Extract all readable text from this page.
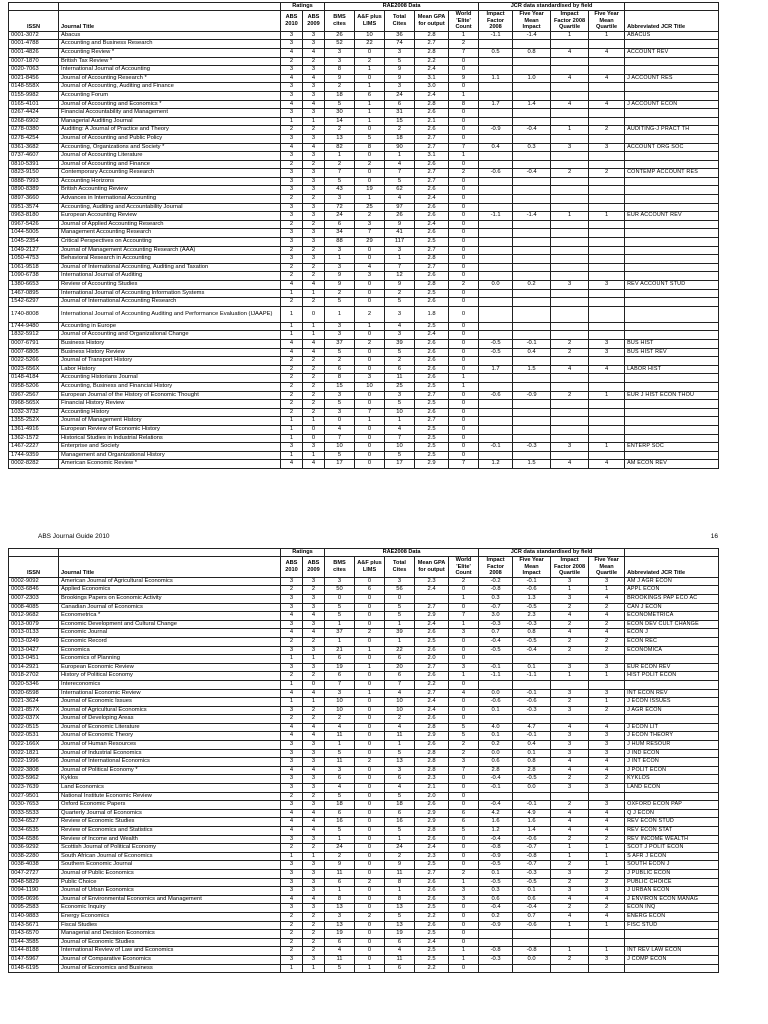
		Ratings		RAE2008 Data					JCR data standardised by field				
ISSN	Journal Title	ABS 2010	ABS 2009	BMS cites	A&F plus LIMS	Total Cites	Mean GPA for output	World 'Elite' Count	Impact Factor 2008	Five Year Mean Impact	Impact Factor 2008 Quartile	Five Year Mean Quartile	Abbreviated JCR Title
0001-3072	Abacus	3	3	26	10	36	2.8	1	-1.1	-1.4	1	1	ABACUS
0001-4788	Accounting and Business Research	3	3	52	22	74	2.7	2					
0001-4826	Accounting Review *	4	4	3	0	3	2.8	7	0.5	0.8	4	4	ACCOUNT REV
0007-1870	British Tax Review *	2	2	3	2	5	2.2	0					
0020-7063	International Journal of Accounting	3	3	8	1	9	2.4	0					
0021-8456	Journal of Accounting Research *	4	4	9	0	9	3.1	9	1.1	1.0	4	4	J ACCOUNT RES
0148-558X	Journal of Accounting, Auditing and Finance	3	3	2	1	3	3.0	0					
0155-9982	Accounting Forum	3	3	18	6	24	2.4	1					
0165-4101	Journal of Accounting and Economics *	4	4	5	1	6	2.8	8	1.7	1.4	4	4	J ACCOUNT ECON
0267-4424	Financial Accountability and Management	3	3	30	1	31	2.6	0					
0268-6902	Managerial Auditing Journal	1	1	14	1	15	2.1	0					
0278-0380	Auditing: A Journal of Practice and Theory	2	2	2	0	2	2.6	0	-0.9	-0.4	1	2	AUDITING-J PRACT TH
0278-4254	Journal of Accounting and Public Policy	3	3	13	5	18	2.7	0					
0361-3682	Accounting, Organizations and Society *	4	4	82	8	90	2.7	7	0.4	0.3	3	3	ACCOUNT ORG SOC
0737-4607	Journal of Accounting Literature	3	3	1	0	1	3.1	1					
0810-5391	Journal of Accounting and Finance	2	2	2	2	4	2.6	0					
0823-9150	Contemporary Accounting Research	3	3	7	0	7	2.7	2	-0.6	-0.4	2	2	CONTEMP ACCOUNT RES
0888-7993	Accounting Horizons	3	3	5	0	5	2.7	0					
0890-8389	British Accounting Review	3	3	43	19	62	2.6	0					
0897-3660	Advances in International Accounting	2	2	3	1	4	2.4	0					
0951-3574	Accounting, Auditing and Accountability Journal	3	3	72	25	97	2.6	0					
0963-8180	European Accounting Review	3	3	24	2	26	2.6	0	-1.1	-1.4	1	1	EUR ACCOUNT REV
0967-5426	Journal of Applied Accounting Research	2	2	6	3	9	2.4	0					
1044-5005	Management Accounting Research	3	3	34	7	41	2.6	0					
1045-2354	Critical Perspectives on Accounting	3	3	88	29	117	2.5	0					
1049-2127	Journal of Management Accounting Research (AAA)	2	2	3	0	3	2.7	0					
1050-4753	Behavioral Research in Accounting	3	3	1	0	1	2.8	0					
1061-9518	Journal of International Accounting, Auditing and Taxation	2	2	3	4	7	2.7	0					
1090-6738	International Journal of Auditing	2	2	9	3	12	2.6	0					
1380-6653	Review of Accounting Studies	4	4	9	0	9	2.8	2	0.0	0.2	3	3	REV ACCOUNT STUD
1467-0895	International Journal of Accounting Information Systems	1	1	2	0	2	2.5	0					
1542-6297	Journal of International Accounting Research	2	2	5	0	5	2.6	0					
1740-8008	International Journal of Accounting Auditing and Performance Evaluation (IJAAPE)	1	0	1	2	3	1.8	0					
1744-9480	Accounting in Europe	1	1	3	1	4	2.5	0					
1832-5912	Journal of Accounting and Organizational Change	1	1	3	0	3	2.4	0					
0007-6791	Business History	4	4	37	2	39	2.6	0	-0.5	-0.1	2	3	BUS HIST
0007-6805	Business History Review	4	4	5	0	5	2.6	0	-0.5	0.4	2	3	BUS HIST REV
0022-5266	Journal of Transport History	2	2	2	0	2	2.6	0					
0023-656X	Labor History	2	2	6	0	6	2.6	0	1.7	1.5	4	4	LABOR HIST
0148-4184	Accounting Historians Journal	2	2	8	3	11	2.6	1					
0958-5206	Accounting, Business and Financial History	2	2	15	10	25	2.5	1					
0967-2567	European Journal of the History of Economic Thought	2	2	3	0	3	2.7	0	-0.6	-0.9	2	1	EUR J HIST ECON THOU
0968-565X	Financial History Review	2	2	5	0	5	2.5	0					
1032-3732	Accounting History	2	2	3	7	10	2.6	0					
1355-252X	Journal of Management History	1	1	0	1	1	2.7	0					
1361-4916	European Review of Economic History	1	0	4	0	4	2.5	0					
1362-1572	Historical Studies in Industrial Relations	1	0	7	0	7	2.5	0					
1467-2227	Enterprise and Society	3	3	10	0	10	2.5	0	-0.1	-0.3	3	1	ENTERP SOC
1744-9359	Management and Organizational History	1	1	5	0	5	2.5	0					
0002-8282	American Economic Review *	4	4	17	0	17	2.9	7	1.2	1.5	4	4	AM ECON REV
ABS Journal Guide 2010	16
		Ratings		RAE2008 Data					JCR data standardised by field				
ISSN	Journal Title	ABS 2010	ABS 2009	BMS cites	A&F plus LIMS	Total Cites	Mean GPA for output	World 'Elite' Count	Impact Factor 2008	Five Year Mean Impact	Impact Factor 2008 Quartile	Five Year Mean Quartile	Abbreviated JCR Title
0002-9092	American Journal of Agricultural Economics	3	3	3	0	3	2.3	2	-0.2	-0.1	3	3	AM J AGR ECON
0003-6846	Applied Economics	2	2	50	6	56	2.4	0	-0.8	-0.6	1	1	APPL ECON
0007-2303	Brookings Papers on Economic Activity	3	3	0	0	0		1	0.3	1.3	3	4	BROOKINGS PAP ECO AC
0008-4085	Canadian Journal of Economics	3	3	5	0	5	2.7	0	-0.7	-0.5	2	2	CAN J ECON
0012-9682	Econometrica *	4	4	5	0	5	2.9	7	3.0	2.3	4	4	ECONOMETRICA
0013-0079	Economic Development and Cultural Change	3	3	1	0	1	2.4	1	-0.3	-0.3	2	2	ECON DEV CULT CHANGE
0013-0133	Economic Journal	4	4	37	2	39	2.6	3	0.7	0.8	4	4	ECON J
0013-0249	Economic Record	2	2	1	0	1	2.5	0	-0.4	-0.5	2	2	ECON REC
0013-0427	Economica	3	3	21	1	22	2.6	0	-0.5	-0.4	2	2	ECONOMICA
0013-0451	Economics of Planning	1	1	6	0	6	2.0	0					
0014-2921	European Economic Review	3	3	19	1	20	2.7	3	-0.1	0.1	3	3	EUR ECON REV
0018-2702	History of Political Economy	2	2	6	0	6	2.6	1	-1.1	-1.1	1	1	HIST POLIT ECON
0020-5346	Intereconomics	1	0	7	0	7	2.2	0					
0020-6598	International Economic Review	4	4	3	1	4	2.7	4	0.0	-0.1	3	3	INT ECON REV
0021-3624	Journal of Economic Issues	1	1	10	0	10	2.4	0	-0.6	-0.6	2	1	J ECON ISSUES
0021-857X	Journal of Agricultural Economics	3	2	10	0	10	2.4	0	0.1	-0.3	3	2	J AGR ECON
0022-037X	Journal of Developing Areas	2	2	2	0	2	2.6	0					
0022-0515	Journal of Economic Literature	4	4	4	0	4	2.8	5	4.0	4.7	4	4	J ECON LIT
0022-0531	Journal of Economic Theory	4	4	11	0	11	2.9	5	0.1	-0.1	3	3	J ECON THEORY
0022-166X	Journal of Human Resources	3	3	1	0	1	2.6	2	0.2	0.4	3	3	J HUM RESOUR
0022-1821	Journal of Industrial Economics	3	3	5	0	5	2.8	2	0.0	0.1	3	3	J IND ECON
0022-1996	Journal of International Economics	3	3	11	2	13	2.8	3	0.6	0.8	4	4	J INT ECON
0022-3808	Journal of Political Economy *	4	4	3	0	3	2.8	7	2.8	2.8	4	4	J POLIT ECON
0023-5962	Kyklos	3	3	6	0	6	2.3	0	-0.4	-0.5	2	2	KYKLOS
0023-7639	Land Economics	3	3	4	0	4	2.1	0	-0.1	0.0	3	3	LAND ECON
0027-9501	National Institute Economic Review	2	2	5	0	5	2.0	0					
0030-7653	Oxford Economic Papers	3	3	18	0	18	2.6	0	-0.4	-0.1	2	3	OXFORD ECON PAP
0033-5533	Quarterly Journal of Economics	4	4	6	0	6	2.9	6	4.2	4.9	4	4	Q J ECON
0034-6527	Review of Economic Studies	4	4	16	0	16	2.9	6	1.6	1.6	4	4	REV ECON STUD
0034-6535	Review of Economics and Statistics	4	4	5	0	5	2.8	5	1.2	1.4	4	4	REV ECON STAT
0034-6586	Review of Income and Wealth	3	3	1	0	1	2.6	0	-0.4	-0.6	2	2	REV INCOME WEALTH
0036-9292	Scottish Journal of Political Economy	2	2	24	0	24	2.4	0	-0.8	-0.7	1	1	SCOT J POLIT ECON
0038-2280	South African Journal of Economics	1	1	2	0	2	2.3	0	-0.9	-0.8	1	1	S AFR J ECON
0038-4038	Southern Economic Journal	3	3	9	0	9	2.5	0	-0.5	-0.7	2	1	SOUTH ECON J
0047-2727	Journal of Public Economics	3	3	11	0	11	2.7	2	0.1	-0.3	3	2	J PUBLIC ECON
0048-5829	Public Choice	3	3	6	2	8	2.6	1	-0.5	-0.5	2	2	PUBLIC CHOICE
0094-1190	Journal of Urban Economics	3	3	1	0	1	2.6	3	0.3	0.1	3	3	J URBAN ECON
0095-0696	Journal of Environmental Economics and Management	4	4	8	0	8	2.6	3	0.6	0.6	4	4	J ENVIRON ECON MANAG
0095-2583	Economic Inquiry	3	3	13	0	13	2.5	0	-0.4	-0.4	2	2	ECON INQ
0140-9883	Energy Economics	2	2	3	2	5	2.2	0	0.2	0.7	4	4	ENERG ECON
0143-5671	Fiscal Studies	2	2	13	0	13	2.6	0	-0.9	-0.6	1	1	FISC STUD
0143-6570	Managerial and Decision Economics	2	2	19	0	19	2.5	0					
0144-3585	Journal of Economic Studies	2	2	6	0	6	2.4	0					
0144-8188	International Review of Law and Economics	2	2	4	0	4	2.5	1	-0.8	-0.8	1	1	INT REV LAW ECON
0147-5967	Journal of Comparative Economics	3	3	11	0	11	2.5	1	-0.3	0.0	2	3	J COMP ECON
0148-6195	Journal of Economics and Business	1	1	5	1	6	2.2	0					
